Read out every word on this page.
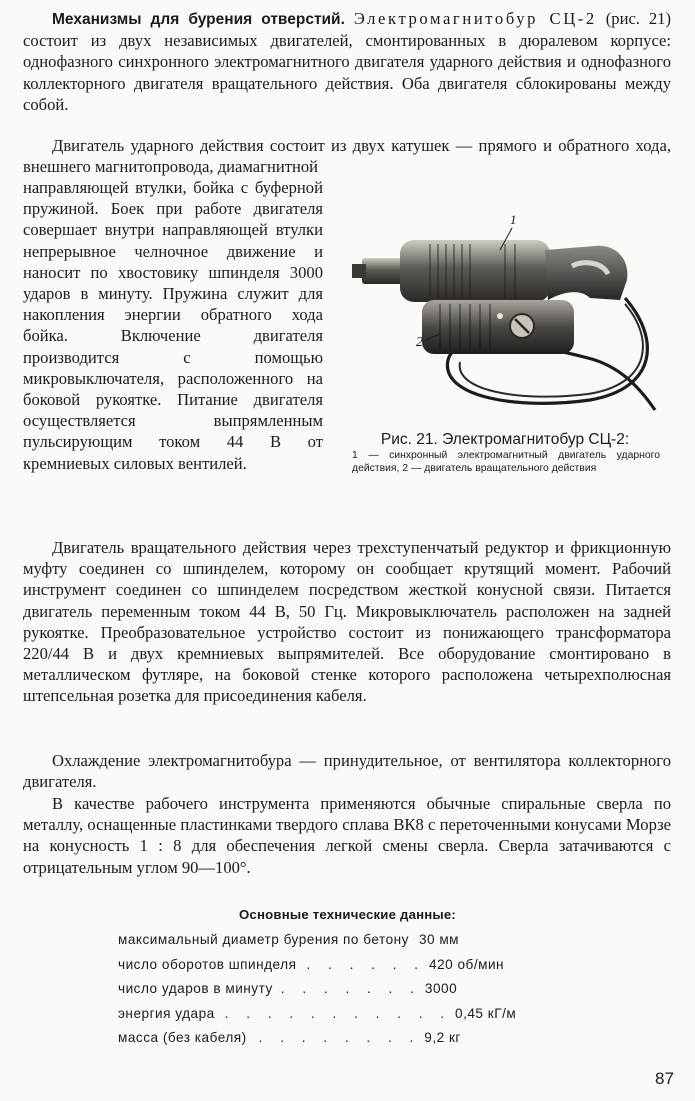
Механизмы для бурения отверстий. Электромагнитобур СЦ-2 (рис. 21) состоит из двух независимых двигателей, смонтированных в дюралевом корпусе: однофазного синхронного электромагнитного двигателя ударного действия и однофазного коллекторного двигателя вращательного действия. Оба двигателя сблокированы между собой.

Двигатель ударного действия состоит из двух катушек — прямого и обратного хода, внешнего магнитопровода, диамагнитной

направляющей втулки, бойка с буферной пружиной. Боек при работе двигателя совершает внутри направляющей втулки непрерывное челночное движение и наносит по хвостовику шпинделя 3000 ударов в минуту. Пружина служит для накопления энергии обратного хода бойка. Включение двигателя производится с помощью микровыключателя, расположенного на боковой рукоятке. Питание двигателя осуществляется выпрямленным пульсирующим током 44 В от кремниевых силовых вентилей.

1
2
Рис. 21. Электромагнитобур СЦ-2:
1 — синхронный электромагнитный двигатель ударного действия, 2 — двигатель вращательного действия

Двигатель вращательного действия через трехступенчатый редуктор и фрикционную муфту соединен со шпинделем, которому он сообщает крутящий момент. Рабочий инструмент соединен со шпинделем посредством жесткой конусной связи. Питается двигатель переменным током 44 В, 50 Гц. Микровыключатель расположен на задней рукоятке. Преобразовательное устройство состоит из понижающего трансформатора 220/44 В и двух кремниевых выпрямителей. Все оборудование смонтировано в металлическом футляре, на боковой стенке которого расположена четырехполюсная штепсельная розетка для присоединения кабеля.

Охлаждение электромагнитобура — принудительное, от вентилятора коллекторного двигателя.

В качестве рабочего инструмента применяются обычные спиральные сверла по металлу, оснащенные пластинками твердого сплава ВК8 с переточенными конусами Морзе на конусность 1 : 8 для обеспечения легкой смены сверла. Сверла затачиваются с отрицательным углом 90—100°.

Основные технические данные:
максимальный диаметр бурения по бетону 30 мм
число оборотов шпинделя . . . . . . 420 об/мин
число ударов в минуту . . . . . . . 3000
энергия удара . . . . . . . . . . . 0,45 кГ/м
масса (без кабеля) . . . . . . . . 9,2 кг
87
